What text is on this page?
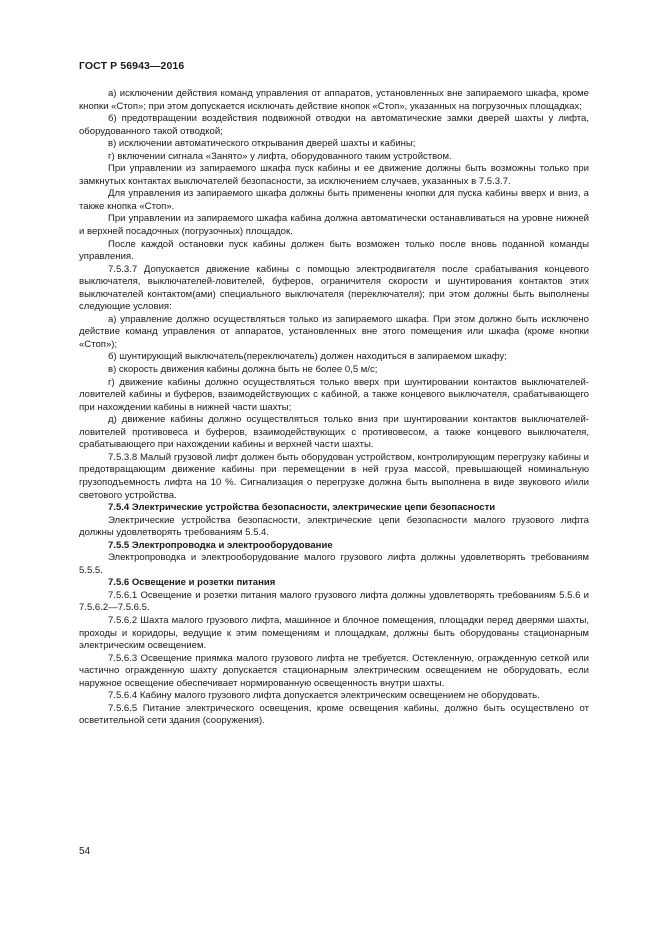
ГОСТ Р 56943—2016

а) исключении действия команд управления от аппаратов, установленных вне запираемого шкафа, кроме кнопки «Стоп»; при этом допускается исключать действие кнопок «Стоп», указанных на погрузочных площадках;

б) предотвращении воздействия подвижной отводки на автоматические замки дверей шахты у лифта, оборудованного такой отводкой;

в) исключении автоматического открывания дверей шахты и кабины;

г) включении сигнала «Занято» у лифта, оборудованного таким устройством.

При управлении из запираемого шкафа пуск кабины и ее движение должны быть возможны только при замкнутых контактах выключателей безопасности, за исключением случаев, указанных в 7.5.3.7.

Для управления из запираемого шкафа должны быть применены кнопки для пуска кабины вверх и вниз, а также кнопка «Стоп».

При управлении из запираемого шкафа кабина должна автоматически останавливаться на уровне нижней и верхней посадочных (погрузочных) площадок.

После каждой остановки пуск кабины должен быть возможен только после вновь поданной команды управления.

7.5.3.7 Допускается движение кабины с помощью электродвигателя после срабатывания концевого выключателя, выключателей-ловителей, буферов, ограничителя скорости и шунтирования контактов этих выключателей контактом(ами) специального выключателя (переключателя); при этом должны быть выполнены следующие условия:

а) управление должно осуществляться только из запираемого шкафа. При этом должно быть исключено действие команд управления от аппаратов, установленных вне этого помещения или шкафа (кроме кнопки «Стоп»);

б) шунтирующий выключатель(переключатель) должен находиться в запираемом шкафу;

в) скорость движения кабины должна быть не более 0,5 м/с;

г) движение кабины должно осуществляться только вверх при шунтировании контактов выключателей-ловителей кабины и буферов, взаимодействующих с кабиной, а также концевого выключателя, срабатывающего при нахождении кабины в нижней части шахты;

д) движение кабины должно осуществляться только вниз при шунтировании контактов выключателей-ловителей противовеса и буферов, взаимодействующих с противовесом, а также концевого выключателя, срабатывающего при нахождении кабины и верхней части шахты.

7.5.3.8 Малый грузовой лифт должен быть оборудован устройством, контролирующим перегрузку кабины и предотвращающим движение кабины при перемещении в ней груза массой, превышающей номинальную грузоподъемность лифта на 10 %. Сигнализация о перегрузке должна быть выполнена в виде звукового и/или светового устройства.

7.5.4 Электрические устройства безопасности, электрические цепи безопасности

Электрические устройства безопасности, электрические цепи безопасности малого грузового лифта должны удовлетворять требованиям 5.5.4.

7.5.5 Электропроводка и электрооборудование

Электропроводка и электрооборудование малого грузового лифта должны удовлетворять требованиям 5.5.5.

7.5.6 Освещение и розетки питания

7.5.6.1 Освещение и розетки питания малого грузового лифта должны удовлетворять требованиям 5.5.6 и 7.5.6.2—7.5.6.5.

7.5.6.2 Шахта малого грузового лифта, машинное и блочное помещения, площадки перед дверями шахты, проходы и коридоры, ведущие к этим помещениям и площадкам, должны быть оборудованы стационарным электрическим освещением.

7.5.6.3 Освещение приямка малого грузового лифта не требуется. Остекленную, огражденную сеткой или частично огражденную шахту допускается стационарным электрическим освещением не оборудовать, если наружное освещение обеспечивает нормированную освещенность внутри шахты.

7.5.6.4 Кабину малого грузового лифта допускается электрическим освещением не оборудовать.

7.5.6.5 Питание электрического освещения, кроме освещения кабины, должно быть осуществлено от осветительной сети здания (сооружения).

54
